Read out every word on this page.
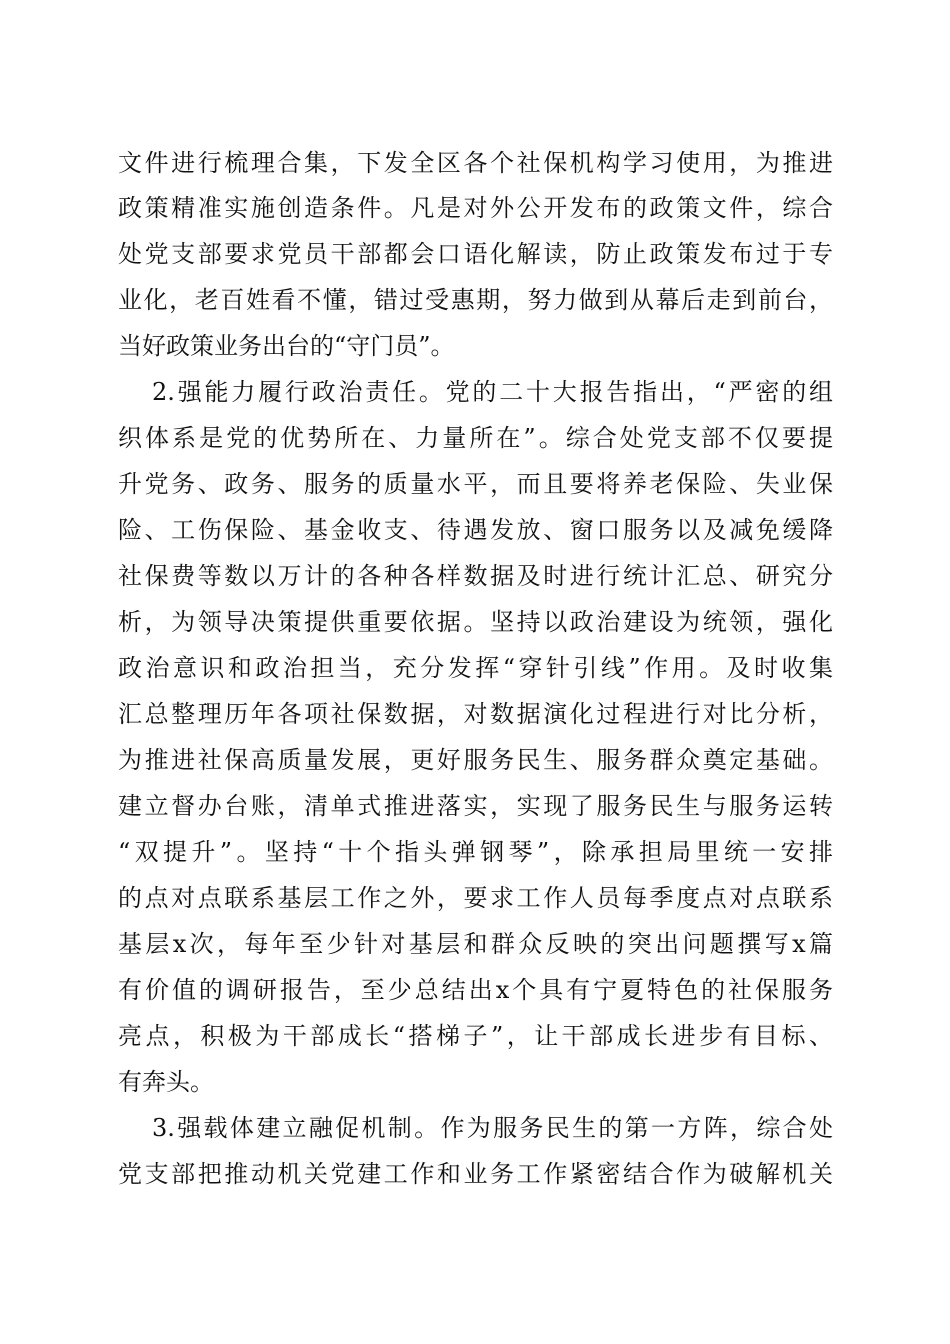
文件进行梳理合集，下发全区各个社保机构学习使用，为推进
政策精准实施创造条件。凡是对外公开发布的政策文件，综合
处党支部要求党员干部都会口语化解读，防止政策发布过于专
业化，老百姓看不懂，错过受惠期，努力做到从幕后走到前台，
当好政策业务出台的“守门员”。
2.强能力履行政治责任。党的二十大报告指出，“严密的组
织体系是党的优势所在、力量所在”。综合处党支部不仅要提
升党务、政务、服务的质量水平，而且要将养老保险、失业保
险、工伤保险、基金收支、待遇发放、窗口服务以及减免缓降
社保费等数以万计的各种各样数据及时进行统计汇总、研究分
析，为领导决策提供重要依据。坚持以政治建设为统领，强化
政治意识和政治担当，充分发挥“穿针引线”作用。及时收集
汇总整理历年各项社保数据，对数据演化过程进行对比分析，
为推进社保高质量发展，更好服务民生、服务群众奠定基础。
建立督办台账，清单式推进落实，实现了服务民生与服务运转
“双提升”。坚持“十个指头弹钢琴”，除承担局里统一安排
的点对点联系基层工作之外，要求工作人员每季度点对点联系
基层x次，每年至少针对基层和群众反映的突出问题撰写x篇
有价值的调研报告，至少总结出x个具有宁夏特色的社保服务
亮点，积极为干部成长“搭梯子”，让干部成长进步有目标、
有奔头。
3.强载体建立融促机制。作为服务民生的第一方阵，综合处
党支部把推动机关党建工作和业务工作紧密结合作为破解机关
